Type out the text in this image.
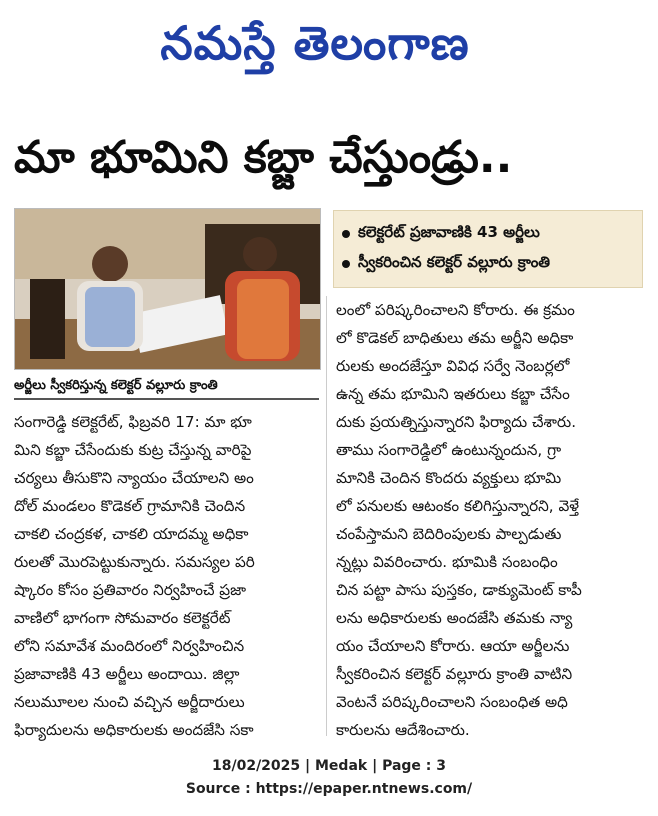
నమస్తే తెలంగాణ
మా భూమిని కబ్జా చేస్తుండ్రు..
అర్జీలు స్వీకరిస్తున్న కలెక్టర్‌ వల్లూరు క్రాంతి
కలెక్టరేట్‌ ప్రజావాణికి 43 అర్జీలు
స్వీకరించిన కలెక్టర్‌ వల్లూరు క్రాంతి
సంగారెడ్డి కలెక్టరేట్‌, ఫిబ్రవరి 17: మా భూ
మిని కబ్జా చేసేందుకు కుట్ర చేస్తున్న వారిపై
చర్యలు తీసుకొని న్యాయం చేయాలని అం
దోల్‌ మండలం కొడెకల్‌ గ్రామానికి చెందిన
చాకలి చంద్రకళ, చాకలి యాదమ్మ అధికా
రులతో మొరపెట్టుకున్నారు. సమస్యల పరి
ష్కారం కోసం ప్రతివారం నిర్వహించే ప్రజా
వాణిలో భాగంగా సోమవారం కలెక్టరేట్‌
లోని సమావేశ మందిరంలో నిర్వహించిన
ప్రజావాణికి 43 అర్జీలు అందాయి. జిల్లా
నలుమూలల నుంచి వచ్చిన అర్జీదారులు
ఫిర్యాదులను అధికారులకు అందజేసి సకా
లంలో పరిష్కరించాలని కోరారు. ఈ క్రమం
లో కొడెకల్‌ బాధితులు తమ అర్జీని అధికా
రులకు అందజేస్తూ వివిధ సర్వే నెంబర్లలో
ఉన్న తమ భూమిని ఇతరులు కబ్జా చేసేం
దుకు ప్రయత్నిస్తున్నారని ఫిర్యాదు చేశారు.
తాము సంగారెడ్డిలో ఉంటున్నందున, గ్రా
మానికి చెందిన కొందరు వ్యక్తులు భూమి
లో పనులకు ఆటంకం కలిగిస్తున్నారని, వెళ్తే
చంపేస్తామని బెదిరింపులకు పాల్పడుతు
న్నట్లు వివరించారు. భూమికి సంబంధిం
చిన పట్టా పాసు పుస్తకం, డాక్యుమెంట్‌ కాపీ
లను అధికారులకు అందజేసి తమకు న్యా
యం చేయాలని కోరారు. ఆయా అర్జీలను
స్వీకరించిన కలెక్టర్‌ వల్లూరు క్రాంతి వాటిని
వెంటనే పరిష్కరించాలని సంబంధిత అధి
కారులను ఆదేశించారు.
18/02/2025 | Medak | Page : 3
Source : https://epaper.ntnews.com/
